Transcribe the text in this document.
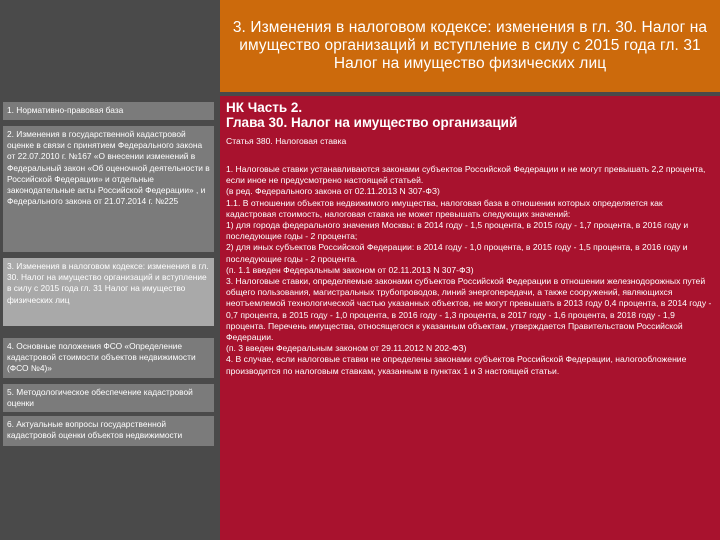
3. Изменения в налоговом кодексе: изменения в гл. 30. Налог на имущество организаций и вступление в силу с 2015 года гл. 31 Налог на имущество физических лиц
1. Нормативно-правовая база
2. Изменения в государственной кадастровой оценке в связи с принятием Федерального закона от 22.07.2010 г. №167 «О внесении изменений в Федеральный закон «Об оценочной деятельности в Российской Федерации» и отдельные законодательные акты Российской Федерации» , и Федерального закона от 21.07.2014 г. №225
3. Изменения в налоговом кодексе: изменения в гл. 30. Налог на имущество организаций и вступление в силу с 2015 года гл. 31 Налог на имущество физических лиц
4. Основные положения ФСО «Определение кадастровой стоимости объектов недвижимости (ФСО №4)»
5. Методологическое обеспечение кадастровой оценки
6. Актуальные вопросы государственной кадастровой оценки объектов недвижимости
НК Часть 2.
Глава 30. Налог на имущество организаций
Статья 380. Налоговая ставка

1. Налоговые ставки устанавливаются законами субъектов Российской Федерации и не могут превышать 2,2 процента, если иное не предусмотрено настоящей статьей.

(в ред. Федерального закона от 02.11.2013 N 307-ФЗ)

1.1. В отношении объектов недвижимого имущества, налоговая база в отношении которых определяется как кадастровая стоимость, налоговая ставка не может превышать следующих значений:

1) для города федерального значения Москвы: в 2014 году - 1,5 процента, в 2015 году - 1,7 процента, в 2016 году и последующие годы - 2 процента;

2) для иных субъектов Российской Федерации: в 2014 году - 1,0 процента, в 2015 году - 1,5 процента, в 2016 году и последующие годы - 2 процента.

(п. 1.1 введен Федеральным законом от 02.11.2013 N 307-ФЗ)

3. Налоговые ставки, определяемые законами субъектов Российской Федерации в отношении железнодорожных путей общего пользования, магистральных трубопроводов, линий энергопередачи, а также сооружений, являющихся неотъемлемой технологической частью указанных объектов, не могут превышать в 2013 году 0,4 процента, в 2014 году - 0,7 процента, в 2015 году - 1,0 процента, в 2016 году - 1,3 процента, в 2017 году - 1,6 процента, в 2018 году - 1,9 процента. Перечень имущества, относящегося к указанным объектам, утверждается Правительством Российской Федерации.

(п. 3 введен Федеральным законом от 29.11.2012 N 202-ФЗ)

4. В случае, если налоговые ставки не определены законами субъектов Российской Федерации, налогообложение производится по налоговым ставкам, указанным в пунктах 1 и 3 настоящей статьи.
